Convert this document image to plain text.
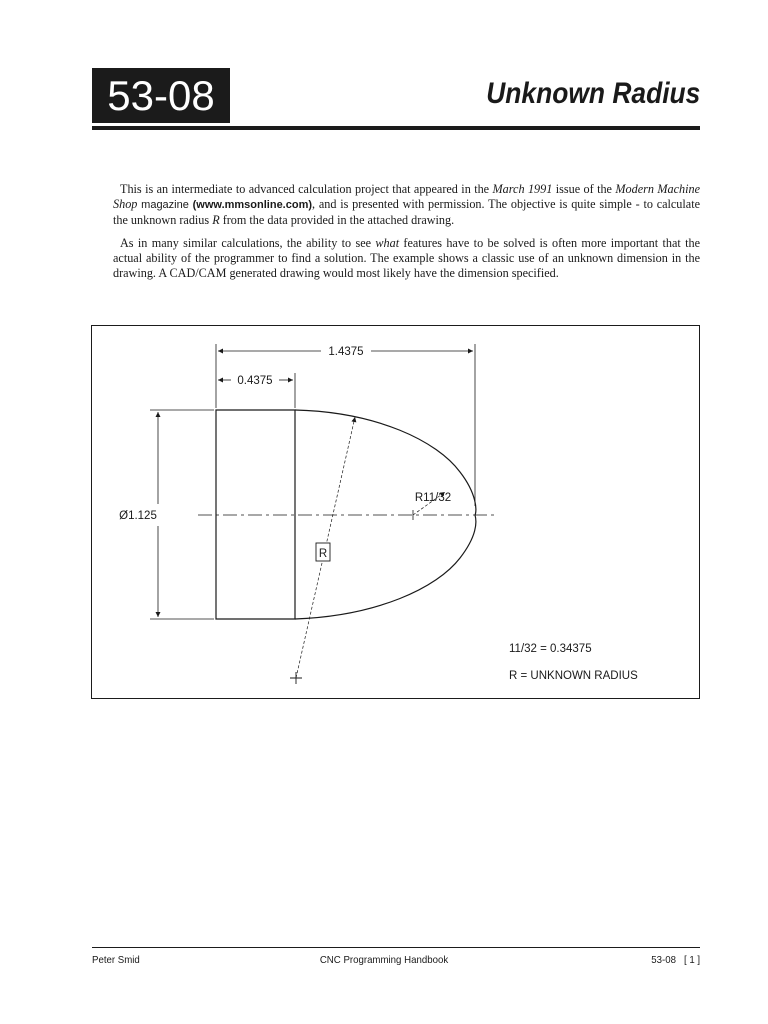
53-08	Unknown Radius

This is an intermediate to advanced calculation project that appeared in the March 1991 issue of the Modern Machine Shop magazine (www.mmsonline.com), and is presented with permission. The objective is quite simple - to calculate the unknown radius R from the data provided in the attached drawing.

As in many similar calculations, the ability to see what features have to be solved is often more important that the actual ability of the programmer to find a solution. The example shows a classic use of an unknown dimension in the drawing. A CAD/CAM generated drawing would most likely have the dimension specified.

1.4375
0.4375
Ø1.125
R11/32
R
11/32 = 0.34375
R = UNKNOWN RADIUS
Peter Smid	CNC Programming Handbook	53-08   [ 1 ]
